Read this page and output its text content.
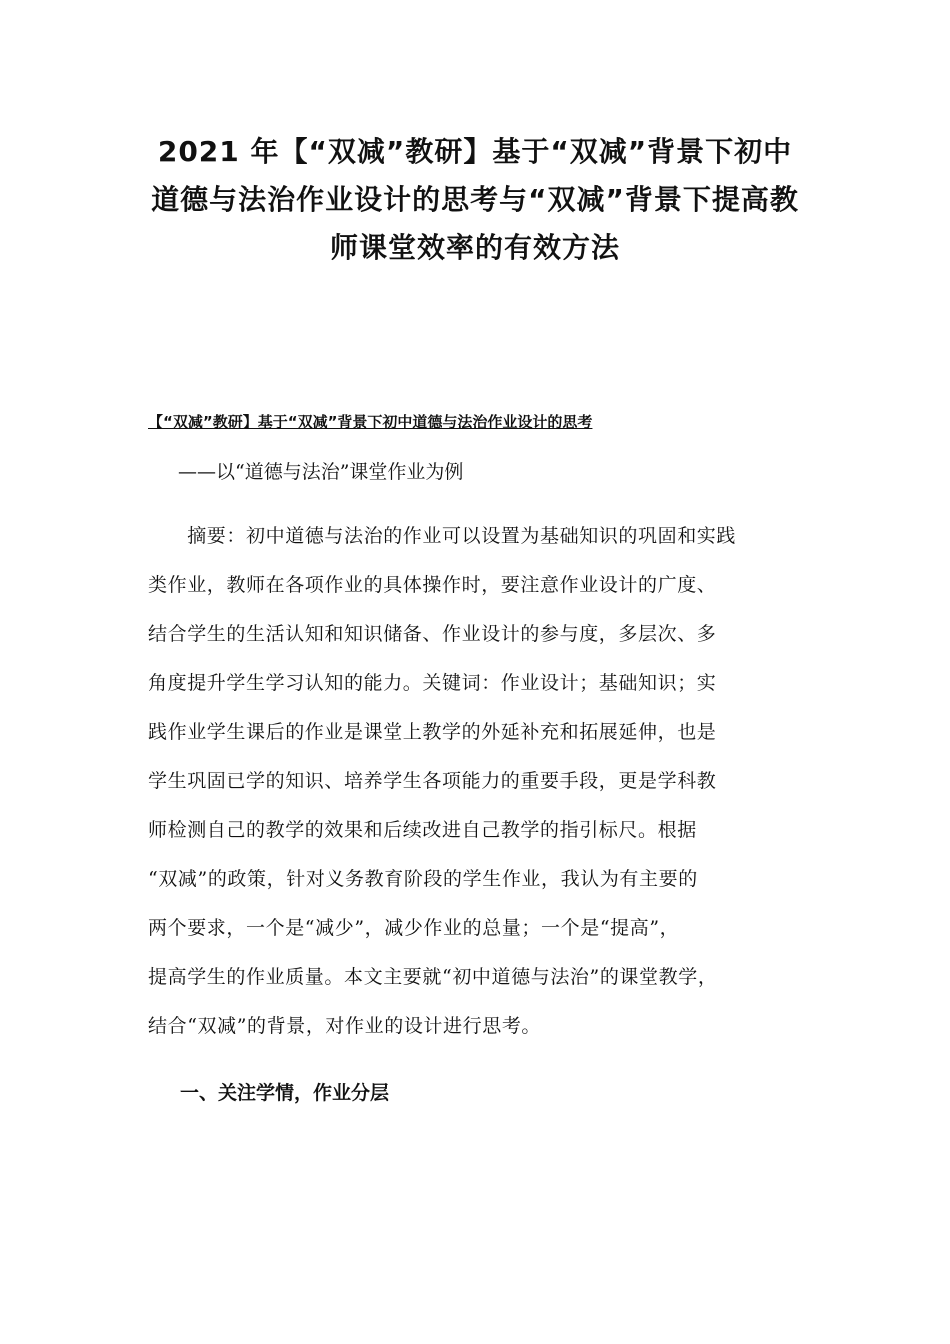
2021 年【“双减”教研】基于“双减”背景下初中
道德与法治作业设计的思考与“双减”背景下提高教
师课堂效率的有效方法

【“双减”教研】基于“双减”背景下初中道德与法治作业设计的思考

——以“道德与法治”课堂作业为例

　　摘要：初中道德与法治的作业可以设置为基础知识的巩固和实践
类作业，教师在各项作业的具体操作时，要注意作业设计的广度、
结合学生的生活认知和知识储备、作业设计的参与度，多层次、多
角度提升学生学习认知的能力。关键词：作业设计；基础知识；实
践作业学生课后的作业是课堂上教学的外延补充和拓展延伸，也是
学生巩固已学的知识、培养学生各项能力的重要手段，更是学科教
师检测自己的教学的效果和后续改进自己教学的指引标尺。根据
“双减”的政策，针对义务教育阶段的学生作业，我认为有主要的
两个要求，一个是“减少”，减少作业的总量；一个是“提高”，
提高学生的作业质量。本文主要就“初中道德与法治”的课堂教学，
结合“双减”的背景，对作业的设计进行思考。

一、关注学情，作业分层
